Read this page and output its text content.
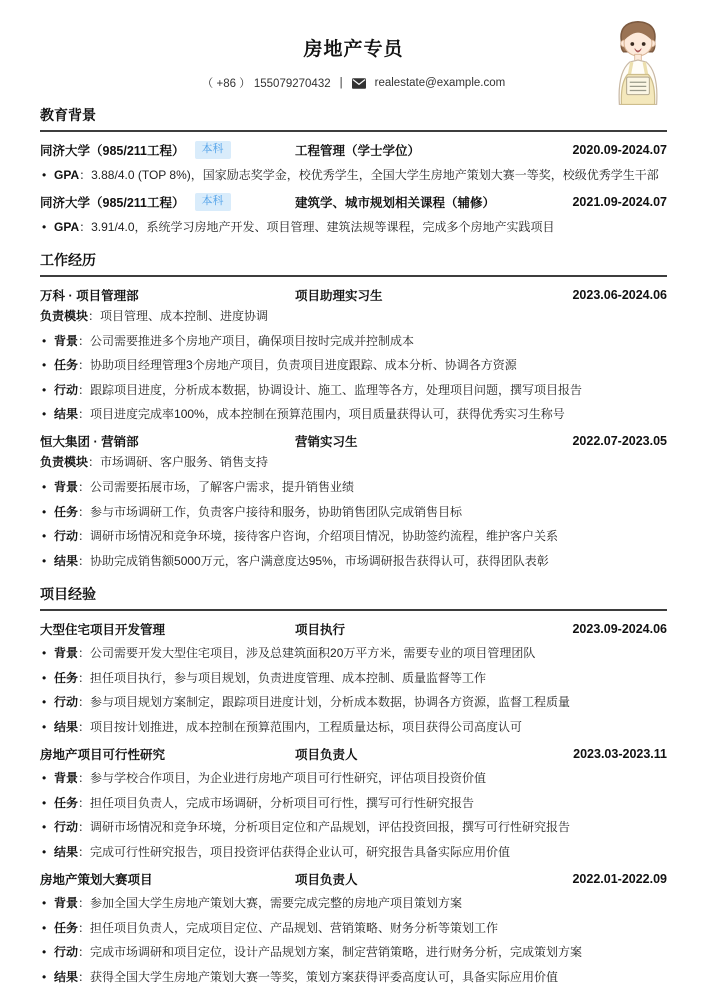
房地产专员
（ +86 ） 155079270432 |	realestate@example.com
教育背景
同济大学（985/211工程）	本科	工程管理（学士学位）	2020.09-2024.07
• GPA：3.88/4.0 (TOP 8%)，国家励志奖学金，校优秀学生，全国大学生房地产策划大赛一等奖，校级优秀学生干部
同济大学（985/211工程）	本科	建筑学、城市规划相关课程（辅修）	2021.09-2024.07
• GPA：3.91/4.0，系统学习房地产开发、项目管理、建筑法规等课程，完成多个房地产实践项目
工作经历
万科 · 项目管理部	项目助理实习生	2023.06-2024.06
负责模块：项目管理、成本控制、进度协调
• 背景：公司需要推进多个房地产项目，确保项目按时完成并控制成本
• 任务：协助项目经理管理3个房地产项目，负责项目进度跟踪、成本分析、协调各方资源
• 行动：跟踪项目进度，分析成本数据，协调设计、施工、监理等各方，处理项目问题，撰写项目报告
• 结果：项目进度完成率100%，成本控制在预算范围内，项目质量获得认可，获得优秀实习生称号
恒大集团 · 营销部	营销实习生	2022.07-2023.05
负责模块：市场调研、客户服务、销售支持
• 背景：公司需要拓展市场，了解客户需求，提升销售业绩
• 任务：参与市场调研工作，负责客户接待和服务，协助销售团队完成销售目标
• 行动：调研市场情况和竞争环境，接待客户咨询，介绍项目情况，协助签约流程，维护客户关系
• 结果：协助完成销售额5000万元，客户满意度达95%，市场调研报告获得认可，获得团队表彰
项目经验
大型住宅项目开发管理	项目执行	2023.09-2024.06
• 背景：公司需要开发大型住宅项目，涉及总建筑面积20万平方米，需要专业的项目管理团队
• 任务：担任项目执行，参与项目规划，负责进度管理、成本控制、质量监督等工作
• 行动：参与项目规划方案制定，跟踪项目进度计划，分析成本数据，协调各方资源，监督工程质量
• 结果：项目按计划推进，成本控制在预算范围内，工程质量达标，项目获得公司高度认可
房地产项目可行性研究	项目负责人	2023.03-2023.11
• 背景：参与学校合作项目，为企业进行房地产项目可行性研究，评估项目投资价值
• 任务：担任项目负责人，完成市场调研，分析项目可行性，撰写可行性研究报告
• 行动：调研市场情况和竞争环境，分析项目定位和产品规划，评估投资回报，撰写可行性研究报告
• 结果：完成可行性研究报告，项目投资评估获得企业认可，研究报告具备实际应用价值
房地产策划大赛项目	项目负责人	2022.01-2022.09
• 背景：参加全国大学生房地产策划大赛，需要完成完整的房地产项目策划方案
• 任务：担任项目负责人，完成项目定位、产品规划、营销策略、财务分析等策划工作
• 行动：完成市场调研和项目定位，设计产品规划方案，制定营销策略，进行财务分析，完成策划方案
• 结果：获得全国大学生房地产策划大赛一等奖，策划方案获得评委高度认可，具备实际应用价值
